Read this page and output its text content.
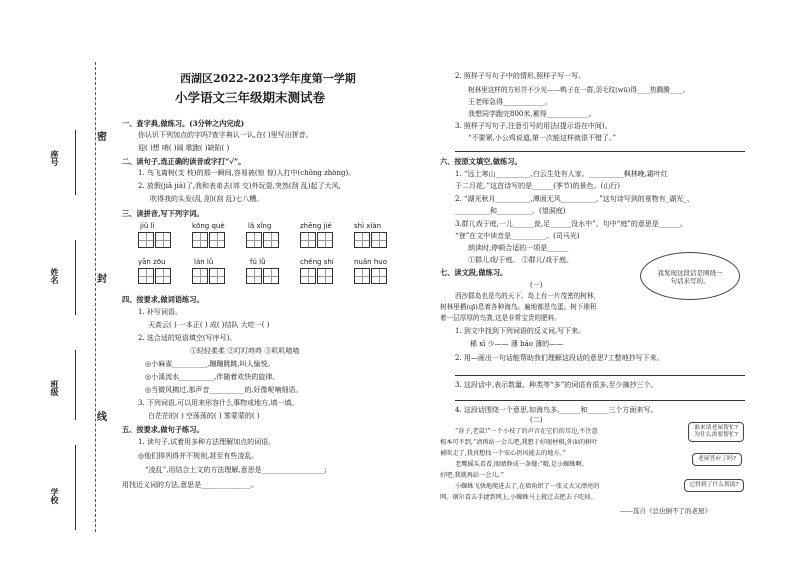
座号
姓名
班级
学校
密
封
线
西湖区2022-2023学年度第一学期
小学语文三年级期末测试卷
一、查字典,做练习。(3分钟之内完成)
你认识下列加点的字吗?查字典认一认,在( )里写出拼音。
迎( )想 哨( )阔 歌跑( )缺陷( )
二、读句子,选正确的读音或字打“√”。
1. 鸟飞离树(支 枝)的那一瞬间,容易被(惊 惊)人打中(chōng zhòng)。
2. 放假(jiǎ jià)了,我和表弟去(郊 交)外玩耍,突然(刮 乱)起了大风,
吹得我的头发(乱 刮)(刮 乱)七八糟。
三、读拼音,写下列字词。
jiǔ lì	kōng què	lǎ xǐng	zhēng jié	shì xiàn
yān zōu	lán lǜ	fú lǚ	chéng shí	nuǎn huo
四、按要求,做词语练习。
1. 补写词语。
天高云( ) 一本正( ) 成( )结队 大吃一( )
2. 选合适的短语填空(写序号)。
①轻轻柔柔 ②叮叮咚咚 ③叽叽喳喳
◎小麻雀__________,蹦蹦跳跳,叫人愉悦。
◎小溪流水__________,伴随着欢快的旋律。
◎当微风拂过,那声音__________的,好像呢喃细语。
3. 下列词语,可以用来形容什么事物或地方,填一填。
白茫茫的( ) 空荡荡的( ) 雾蒙蒙的( )
五、按要求,做句子练习。
1. 读句子,试着用多种方法理解加点的词语。
◎他们排列得并不规则,甚至有些凌乱。
“凌乱”,用结合上文的方法理解,意思是__________________;
用找近义词的方法,意思是______________。
2. 照样子写句子中的情形,照样子写一写。
树林里这样的方形并不少见——鸭子在一群,羽毛纹(wū)得____热腾腾____。
王老师急得____________。
我想同学跑完800米,累得____________。
3. 照样子写句子,注意引号的用法(提示语在中间)。
“不要紧,小公鸡说道,第一次能这样就很不错了。”
六、按原文填空,做练习。
1. “远上寒山__________,白云生处有人家。__________枫林晚,霜叶红
于二月花。”这首诗写的是______(季节)的景色。(山行)
2. “湖光秋月__________,潭面无风__________。”这句诗写到的景物有_湖光_、
__________和__________。(望洞庭)
3.群儿戏于庭,一儿______瓮,足______没水中”。句中“庭”的意思是______。
“登”在文中读音是__________。(司马光)
朗读时,停顿合适的一项是______
①群儿戏/于庭。 ②群儿/戏于庭。
七、读文段,做练习。	我发现这段话是围绕一句话来写的。
(一)
西沙群岛也是鸟的天下。岛上有一片茂密的树林,
树林里栖(qī)息着各种海鸟。遍地都是鸟蛋。树下堆积
着一层厚厚的鸟粪,这是非常宝贵的肥料。
1. 到文中找到下列词语的反义词,写下来。
稀 xī 少—— 薄 báo 薄的——
2. 用—画出一句话能帮助我们理解这段话的意思?工整地抄写下来。
3. 这段话中,表示数量、种类等“多”的词语有很多,至少摘抄三个。
4. 这段话围绕一个意思,如海鸟多,______和______三个方面来写。
(二)
“谷子,老鼠!”一个小枝了的声音在它们的耳边,不注意
根本可不到,“请再站一会儿吧,我想于好眼材棋,外面的树叶
被吹走了,我真想找一个安心扔风能去的地方。”
老鹰摇头看看,眼睛睁成一条缝:“哦,是小蜘蛛啊。
好吧,我就再站一会儿。”
小蜘蛛飞快地爬进去了,在墙角织了一张又大又漂亮的
网。钢尔看去手捷到网上,小蜘蛛马上就迁去把去子吃掉。
——选自《总也倒不了的老屋》
谁来请老屋帮忙?为什么需要帮忙?
老屋答应了吗?
它得到了什么帮助?
